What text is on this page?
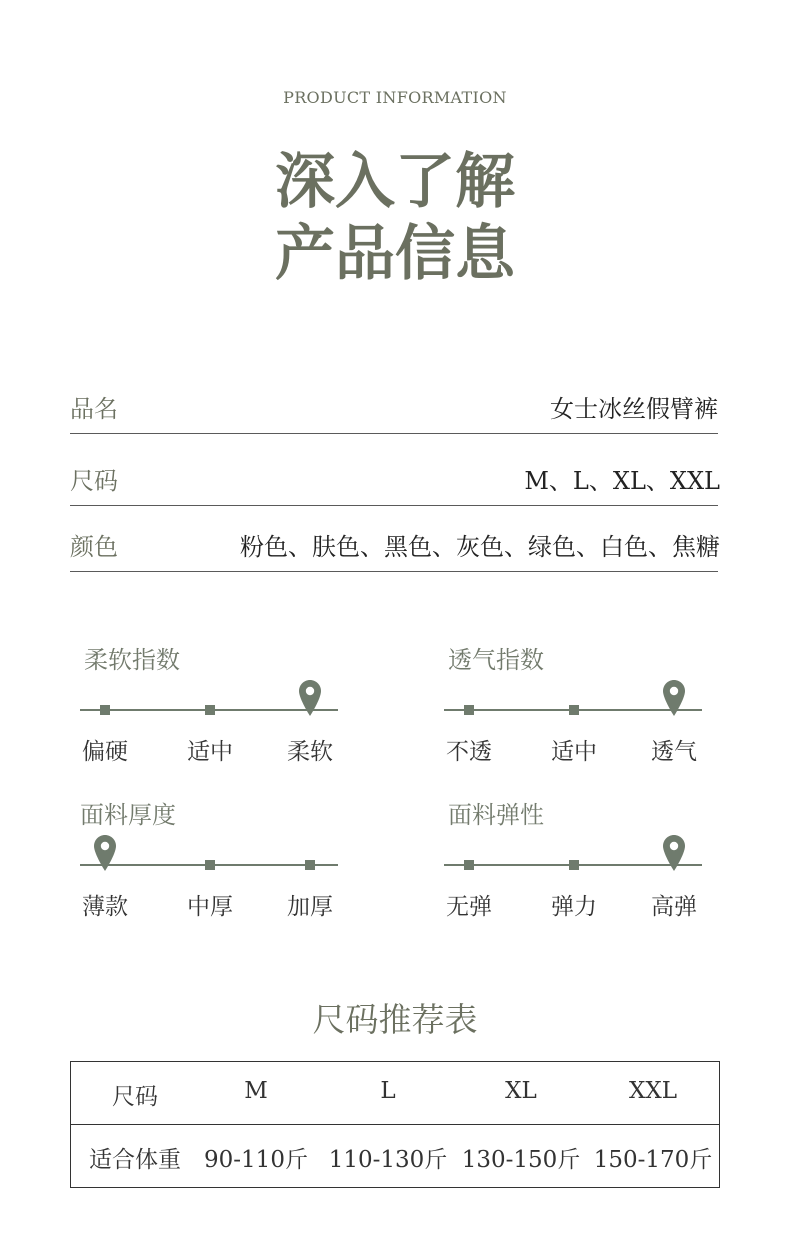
PRODUCT INFORMATION
深入了解
产品信息
品名	女士冰丝假臂裤
尺码	M、L、XL、XXL
颜色	粉色、肤色、黑色、灰色、绿色、白色、焦糖
柔软指数
偏硬	适中	柔软
透气指数
不透	适中	透气
面料厚度
薄款	中厚	加厚
面料弹性
无弹	弹力	高弹
尺码推荐表
尺码	M	L	XL	XXL
适合体重	90-110斤 110-130斤 130-150斤 150-170斤
